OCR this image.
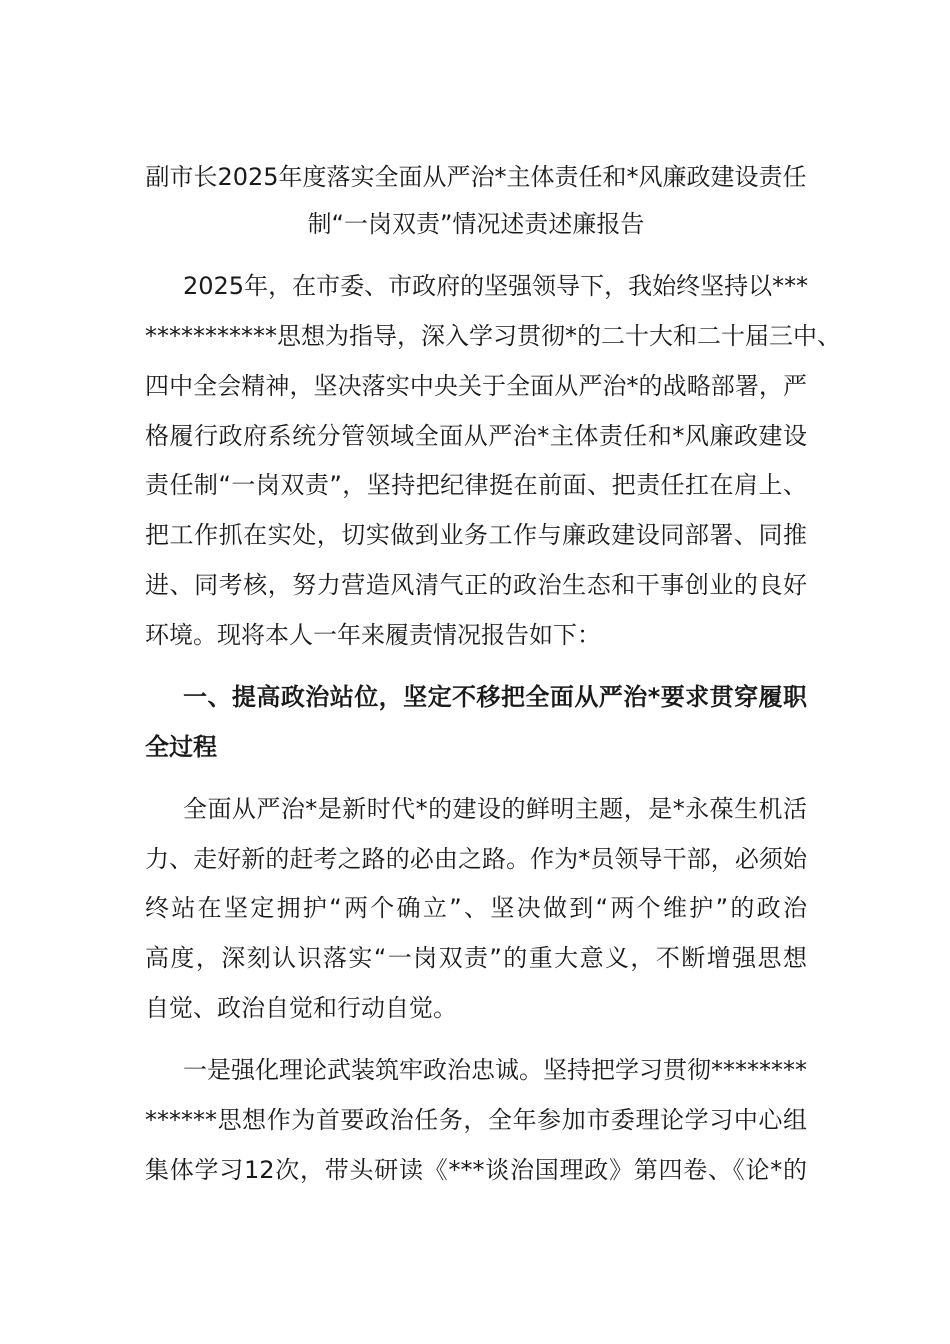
副市长2025年度落实全面从严治*主体责任和*风廉政建设责任
制“一岗双责”情况述责述廉报告
2025年，在市委、市政府的坚强领导下，我始终坚持以***
***********思想为指导，深入学习贯彻*的二十大和二十届三中、
四中全会精神，坚决落实中央关于全面从严治*的战略部署，严
格履行政府系统分管领域全面从严治*主体责任和*风廉政建设
责任制“一岗双责”，坚持把纪律挺在前面、把责任扛在肩上、
把工作抓在实处，切实做到业务工作与廉政建设同部署、同推
进、同考核，努力营造风清气正的政治生态和干事创业的良好
环境。现将本人一年来履责情况报告如下：
一、提高政治站位，坚定不移把全面从严治*要求贯穿履职
全过程
全面从严治*是新时代*的建设的鲜明主题，是*永葆生机活
力、走好新的赶考之路的必由之路。作为*员领导干部，必须始
终站在坚定拥护“两个确立”、坚决做到“两个维护”的政治
高度，深刻认识落实“一岗双责”的重大意义，不断增强思想
自觉、政治自觉和行动自觉。
一是强化理论武装筑牢政治忠诚。坚持把学习贯彻********
******思想作为首要政治任务，全年参加市委理论学习中心组
集体学习12次，带头研读《***谈治国理政》第四卷、《论*的
